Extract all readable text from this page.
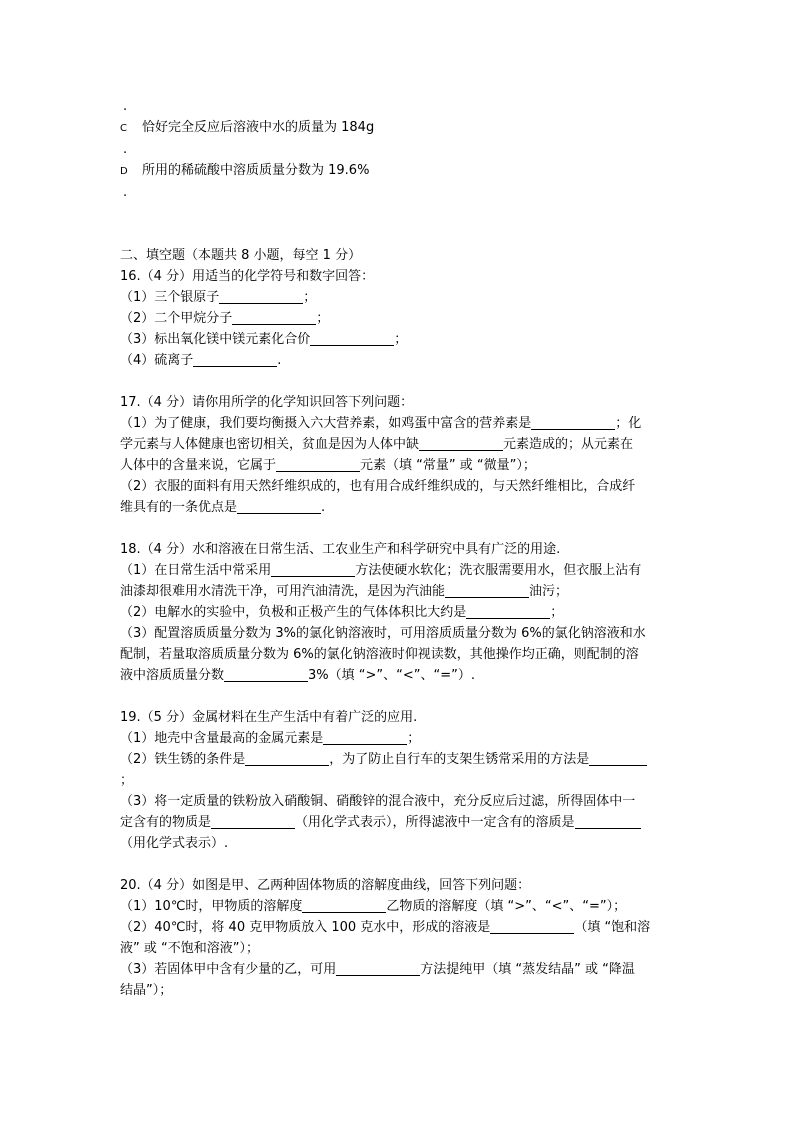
.
C 恰好完全反应后溶液中水的质量为 184g
.
D 所用的稀硫酸中溶质质量分数为 19.6%
.
二、填空题（本题共 8 小题，每空 1 分）
16.（4 分）用适当的化学符号和数字回答：
（1）三个银原子	；
（2）二个甲烷分子	；
（3）标出氧化镁中镁元素化合价	；
（4）硫离子	.
17.（4 分）请你用所学的化学知识回答下列问题：
（1）为了健康，我们要均衡摄入六大营养素，如鸡蛋中富含的营养素是	；化
学元素与人体健康也密切相关，贫血是因为人体中缺	元素造成的；从元素在
人体中的含量来说，它属于	元素（填 “常量” 或 “微量”）；
（2）衣服的面料有用天然纤维织成的，也有用合成纤维织成的，与天然纤维相比，合成纤
维具有的一条优点是	.
18.（4 分）水和溶液在日常生活、工农业生产和科学研究中具有广泛的用途.
（1）在日常生活中常采用	方法使硬水软化；洗衣服需要用水，但衣服上沾有
油漆却很难用水清洗干净，可用汽油清洗，是因为汽油能	油污；
（2）电解水的实验中，负极和正极产生的气体体积比大约是	；
（3）配置溶质质量分数为 3%的氯化钠溶液时，可用溶质质量分数为 6%的氯化钠溶液和水
配制，若量取溶质质量分数为 6%的氯化钠溶液时仰视读数，其他操作均正确，则配制的溶
液中溶质质量分数	3%（填 “>”、“<”、“=”）.
19.（5 分）金属材料在生产生活中有着广泛的应用.
（1）地壳中含量最高的金属元素是	；
（2）铁生锈的条件是	，为了防止自行车的支架生锈常采用的方法是
；
（3）将一定质量的铁粉放入硝酸铜、硝酸锌的混合液中，充分反应后过滤，所得固体中一
定含有的物质是	（用化学式表示），所得滤液中一定含有的溶质是
（用化学式表示）.
20.（4 分）如图是甲、乙两种固体物质的溶解度曲线，回答下列问题：
（1）10℃时，甲物质的溶解度	乙物质的溶解度（填 “>”、“<”、“=”）；
（2）40℃时，将 40 克甲物质放入 100 克水中，形成的溶液是	（填 “饱和溶
液” 或 “不饱和溶液”）；
（3）若固体甲中含有少量的乙，可用	方法提纯甲（填 “蒸发结晶” 或 “降温
结晶”）；
